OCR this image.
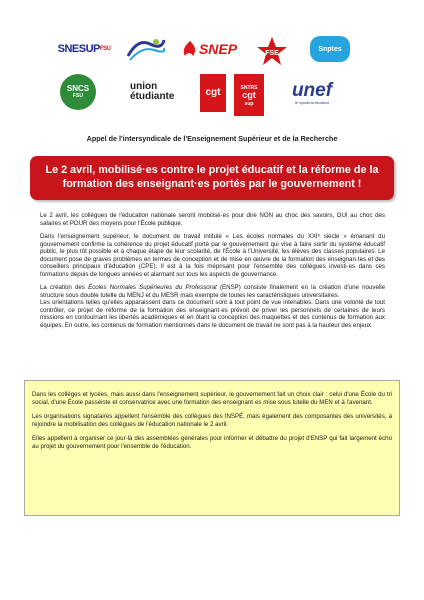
SNESUP FSU	SNEP	FSE
Snptes
SNCS
FSU
union étudiante	cgt	SNTRS
cgt
sup
unef
le syndicat étudiant
Appel de l'intersyndicale de l'Enseignement Supérieur et de la Recherche
Le 2 avril, mobilisé·es contre le projet éducatif et la réforme de la formation des enseignant·es portés par le gouvernement !

Le 2 avril, les collègues de l'éducation nationale seront mobilisé·es pour dire NON au choc des savoirs, OUI au choc des salaires et POUR des moyens pour l'École publique.

Dans l'enseignement supérieur, le document de travail intitulé « Les écoles normales du XXIᵉ siècle » émanant du gouvernement confirme la cohérence du projet éducatif porté par le gouvernement qui vise à faire sortir du système éducatif public, le plus tôt possible et à chaque étape de leur scolarité, de l'École à l'Université, les élèves des classes populaires. Le document pose de graves problèmes en termes de conception et de mise en œuvre de la formation des enseignan·tes et des conseillers principaux d'éducation (CPE). Il est à la fois méprisant pour l'ensemble des collègues investi·es dans ces formations depuis de longues années et alarmant sur tous les aspects de gouvernance.

La création des Écoles Normales Supérieures du Professorat (ENSP) consiste finalement en la création d'une nouvelle structure sous double tutelle du MENJ et du MESR mais exempte de toutes les caractéristiques universitaires.

Les orientations telles qu'elles apparaissent dans ce document sont à tout point de vue intenables. Dans une volonté de tout contrôler, ce projet de réforme de la formation des enseignant·es prévoit de priver les personnels de certaines de leurs missions en contournant les libertés académiques et en ôtant la conception des maquettes et des contenus de formation aux équipes. En outre, les contenus de formation mentionnés dans le document de travail ne sont pas à la hauteur des enjeux.

Dans les collèges et lycées, mais aussi dans l'enseignement supérieur, le gouvernement fait un choix clair : celui d'une École du tri social, d'une École passéiste et conservatrice avec une formation des enseignant·es mise sous tutelle du MEN et à l'avenant.

Les organisations signataires appellent l'ensemble des collègues des INSPÉ, mais également des composantes des universités, à rejoindre la mobilisation des collègues de l'éducation nationale le 2 avril.

Elles appellent à organiser ce jour-là des assemblées générales pour informer et débattre du projet d'ENSP qui fait largement écho au projet du gouvernement pour l'ensemble de l'éducation.
